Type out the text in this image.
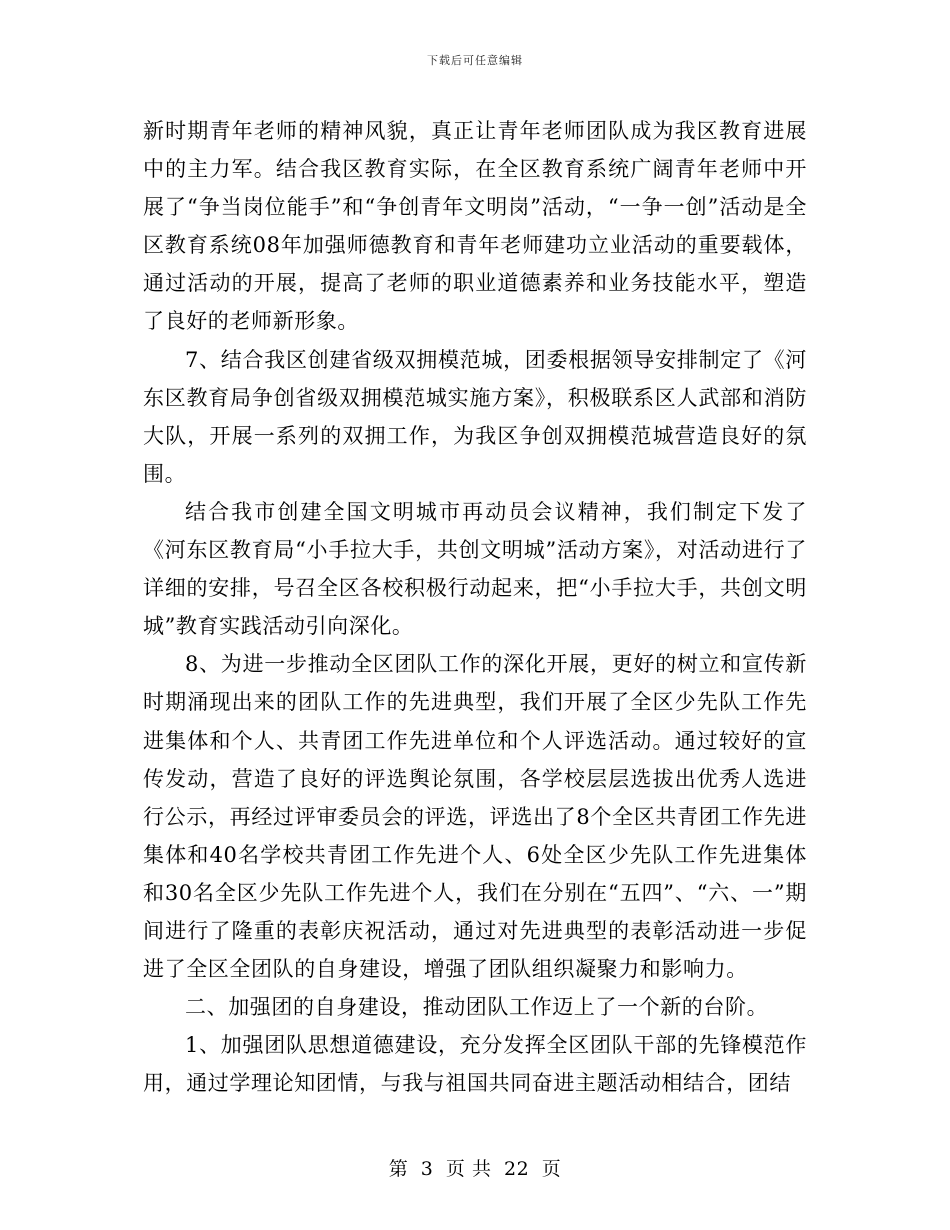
下载后可任意编辑

新时期青年老师的精神风貌，真正让青年老师团队成为我区教育进展中的主力军。结合我区教育实际，在全区教育系统广阔青年老师中开展了“争当岗位能手”和“争创青年文明岗”活动，“一争一创”活动是全区教育系统08年加强师德教育和青年老师建功立业活动的重要载体，通过活动的开展，提高了老师的职业道德素养和业务技能水平，塑造了良好的老师新形象。

7、结合我区创建省级双拥模范城，团委根据领导安排制定了《河东区教育局争创省级双拥模范城实施方案》，积极联系区人武部和消防大队，开展一系列的双拥工作，为我区争创双拥模范城营造良好的氛围。

结合我市创建全国文明城市再动员会议精神，我们制定下发了《河东区教育局“小手拉大手，共创文明城”活动方案》，对活动进行了详细的安排，号召全区各校积极行动起来，把“小手拉大手，共创文明城”教育实践活动引向深化。

8、为进一步推动全区团队工作的深化开展，更好的树立和宣传新时期涌现出来的团队工作的先进典型，我们开展了全区少先队工作先进集体和个人、共青团工作先进单位和个人评选活动。通过较好的宣传发动，营造了良好的评选舆论氛围，各学校层层选拔出优秀人选进行公示，再经过评审委员会的评选，评选出了8个全区共青团工作先进集体和40名学校共青团工作先进个人、6处全区少先队工作先进集体和30名全区少先队工作先进个人，我们在分别在“五四”、“六、一”期间进行了隆重的表彰庆祝活动，通过对先进典型的表彰活动进一步促进了全区全团队的自身建设，增强了团队组织凝聚力和影响力。

二、加强团的自身建设，推动团队工作迈上了一个新的台阶。

1、加强团队思想道德建设，充分发挥全区团队干部的先锋模范作用，通过学理论知团情，与我与祖国共同奋进主题活动相结合，团结

第 3 页 共 22 页
